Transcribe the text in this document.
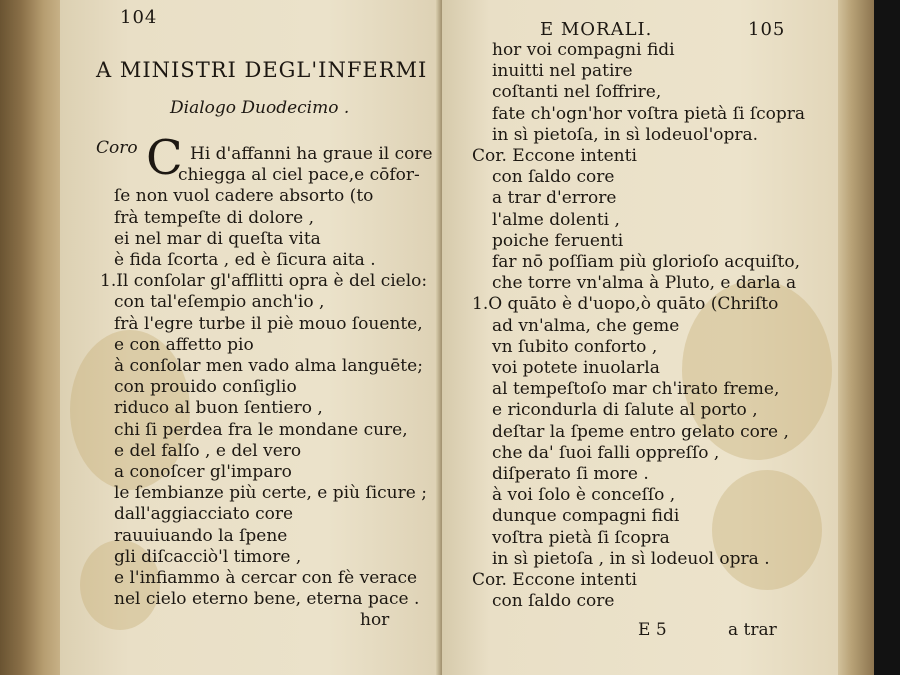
104
A MINISTRI DEGL'INFERMI
Dialogo Duodecimo .
Coro C Hi d'affanni ha graue il core
chiegga al ciel pace,e cōfor-
ſe non vuol cadere absorto (to
frà tempeſte di dolore ,
ei nel mar di queſta vita
è fida ſcorta , ed è ſicura aita .
1.Il conſolar gl'afflitti opra è del cielo:
con tal'eſempio anch'io ,
frà l'egre turbe il piè mouo ſouente,
e con affetto pio
à conſolar men vado alma languēte;
con prouido conſiglio
riduco al buon ſentiero ,
chi ſi perdea fra le mondane cure,
e del falſo , e del vero
a conoſcer gl'imparo
le ſembianze più certe, e più ſicure ;
dall'aggiacciato core
rauuiuando la ſpene
gli diſcacciò'l timore ,
e l'infiammo à cercar con fè verace
nel cielo eterno bene, eterna pace .
hor
E MORALI.	105
hor voi compagni fidi
inuitti nel patire
coſtanti nel ſoffrire,
fate ch'ogn'hor voſtra pietà ſi ſcopra
in sì pietoſa, in sì lodeuol'opra.
Cor. Eccone intenti
con ſaldo core
a trar d'errore
l'alme dolenti ,
poiche feruenti
far nō poſſiam più glorioſo acquiſto,
che torre vn'alma à Pluto, e darla a
1.O quāto è d'uopo,ò quāto (Chriſto
ad vn'alma, che geme
vn ſubito conforto ,
voi potete inuolarla
al tempeſtoſo mar ch'irato freme,
e ricondurla di ſalute al porto ,
deſtar la ſpeme entro gelato core ,
che da' ſuoi falli oppreſſo ,
diſperato ſi more .
à voi ſolo è conceſſo ,
dunque compagni fidi
voſtra pietà ſi ſcopra
in sì pietoſa , in sì lodeuol opra .
Cor. Eccone intenti
con ſaldo core
E 5	a trar
